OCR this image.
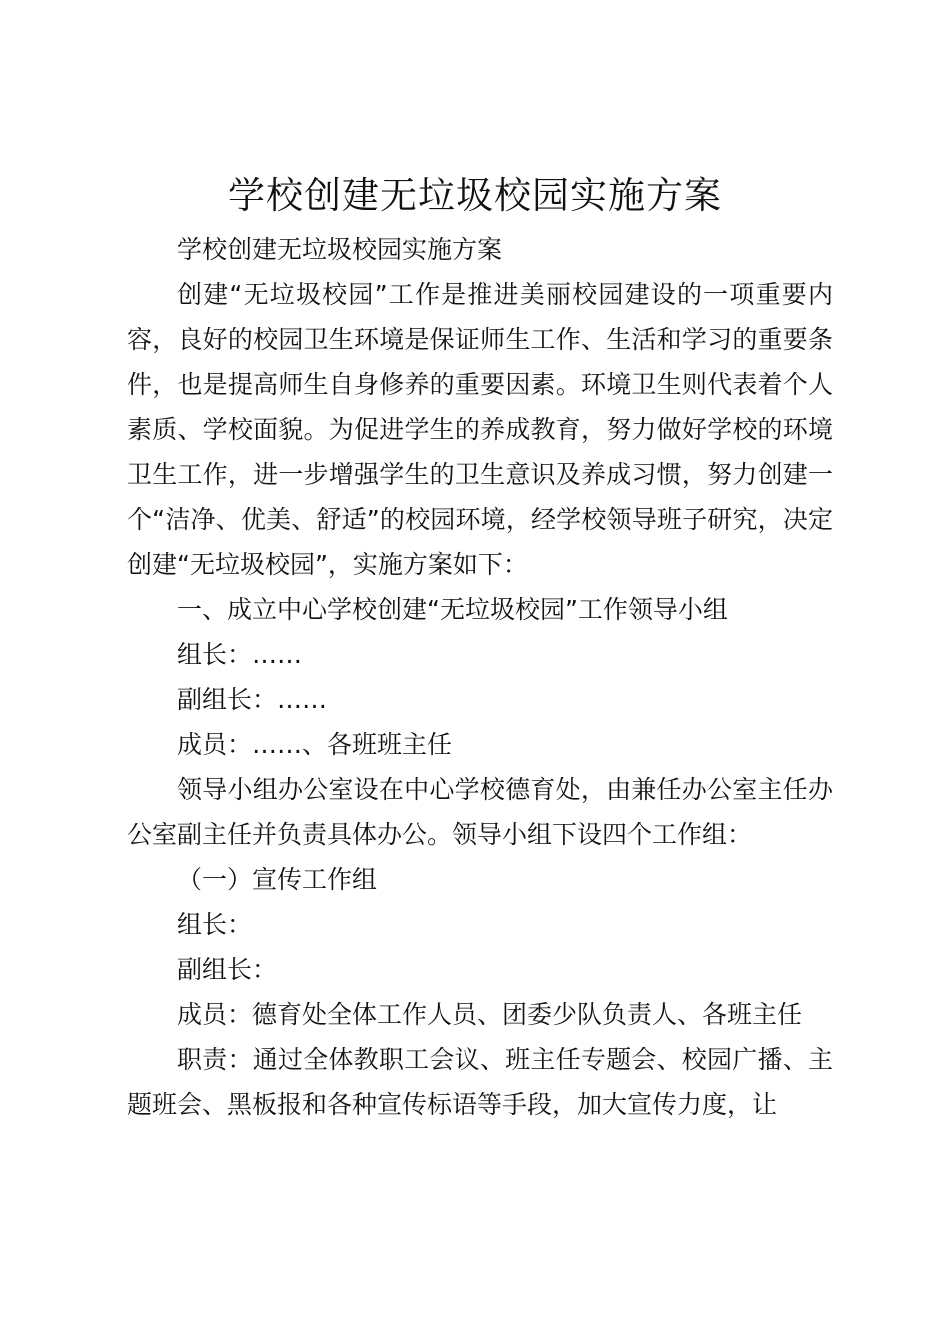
学校创建无垃圾校园实施方案

学校创建无垃圾校园实施方案

创建“无垃圾校园”工作是推进美丽校园建设的一项重要内容，良好的校园卫生环境是保证师生工作、生活和学习的重要条件，也是提高师生自身修养的重要因素。环境卫生则代表着个人素质、学校面貌。为促进学生的养成教育，努力做好学校的环境卫生工作，进一步增强学生的卫生意识及养成习惯，努力创建一个“洁净、优美、舒适”的校园环境，经学校领导班子研究，决定创建“无垃圾校园”，实施方案如下：

一、成立中心学校创建“无垃圾校园”工作领导小组

组长：……

副组长：……

成员：……、各班班主任

领导小组办公室设在中心学校德育处，由兼任办公室主任办公室副主任并负责具体办公。领导小组下设四个工作组：

（一）宣传工作组

组长：

副组长：

成员：德育处全体工作人员、团委少队负责人、各班主任

职责：通过全体教职工会议、班主任专题会、校园广播、主题班会、黑板报和各种宣传标语等手段，加大宣传力度，让
